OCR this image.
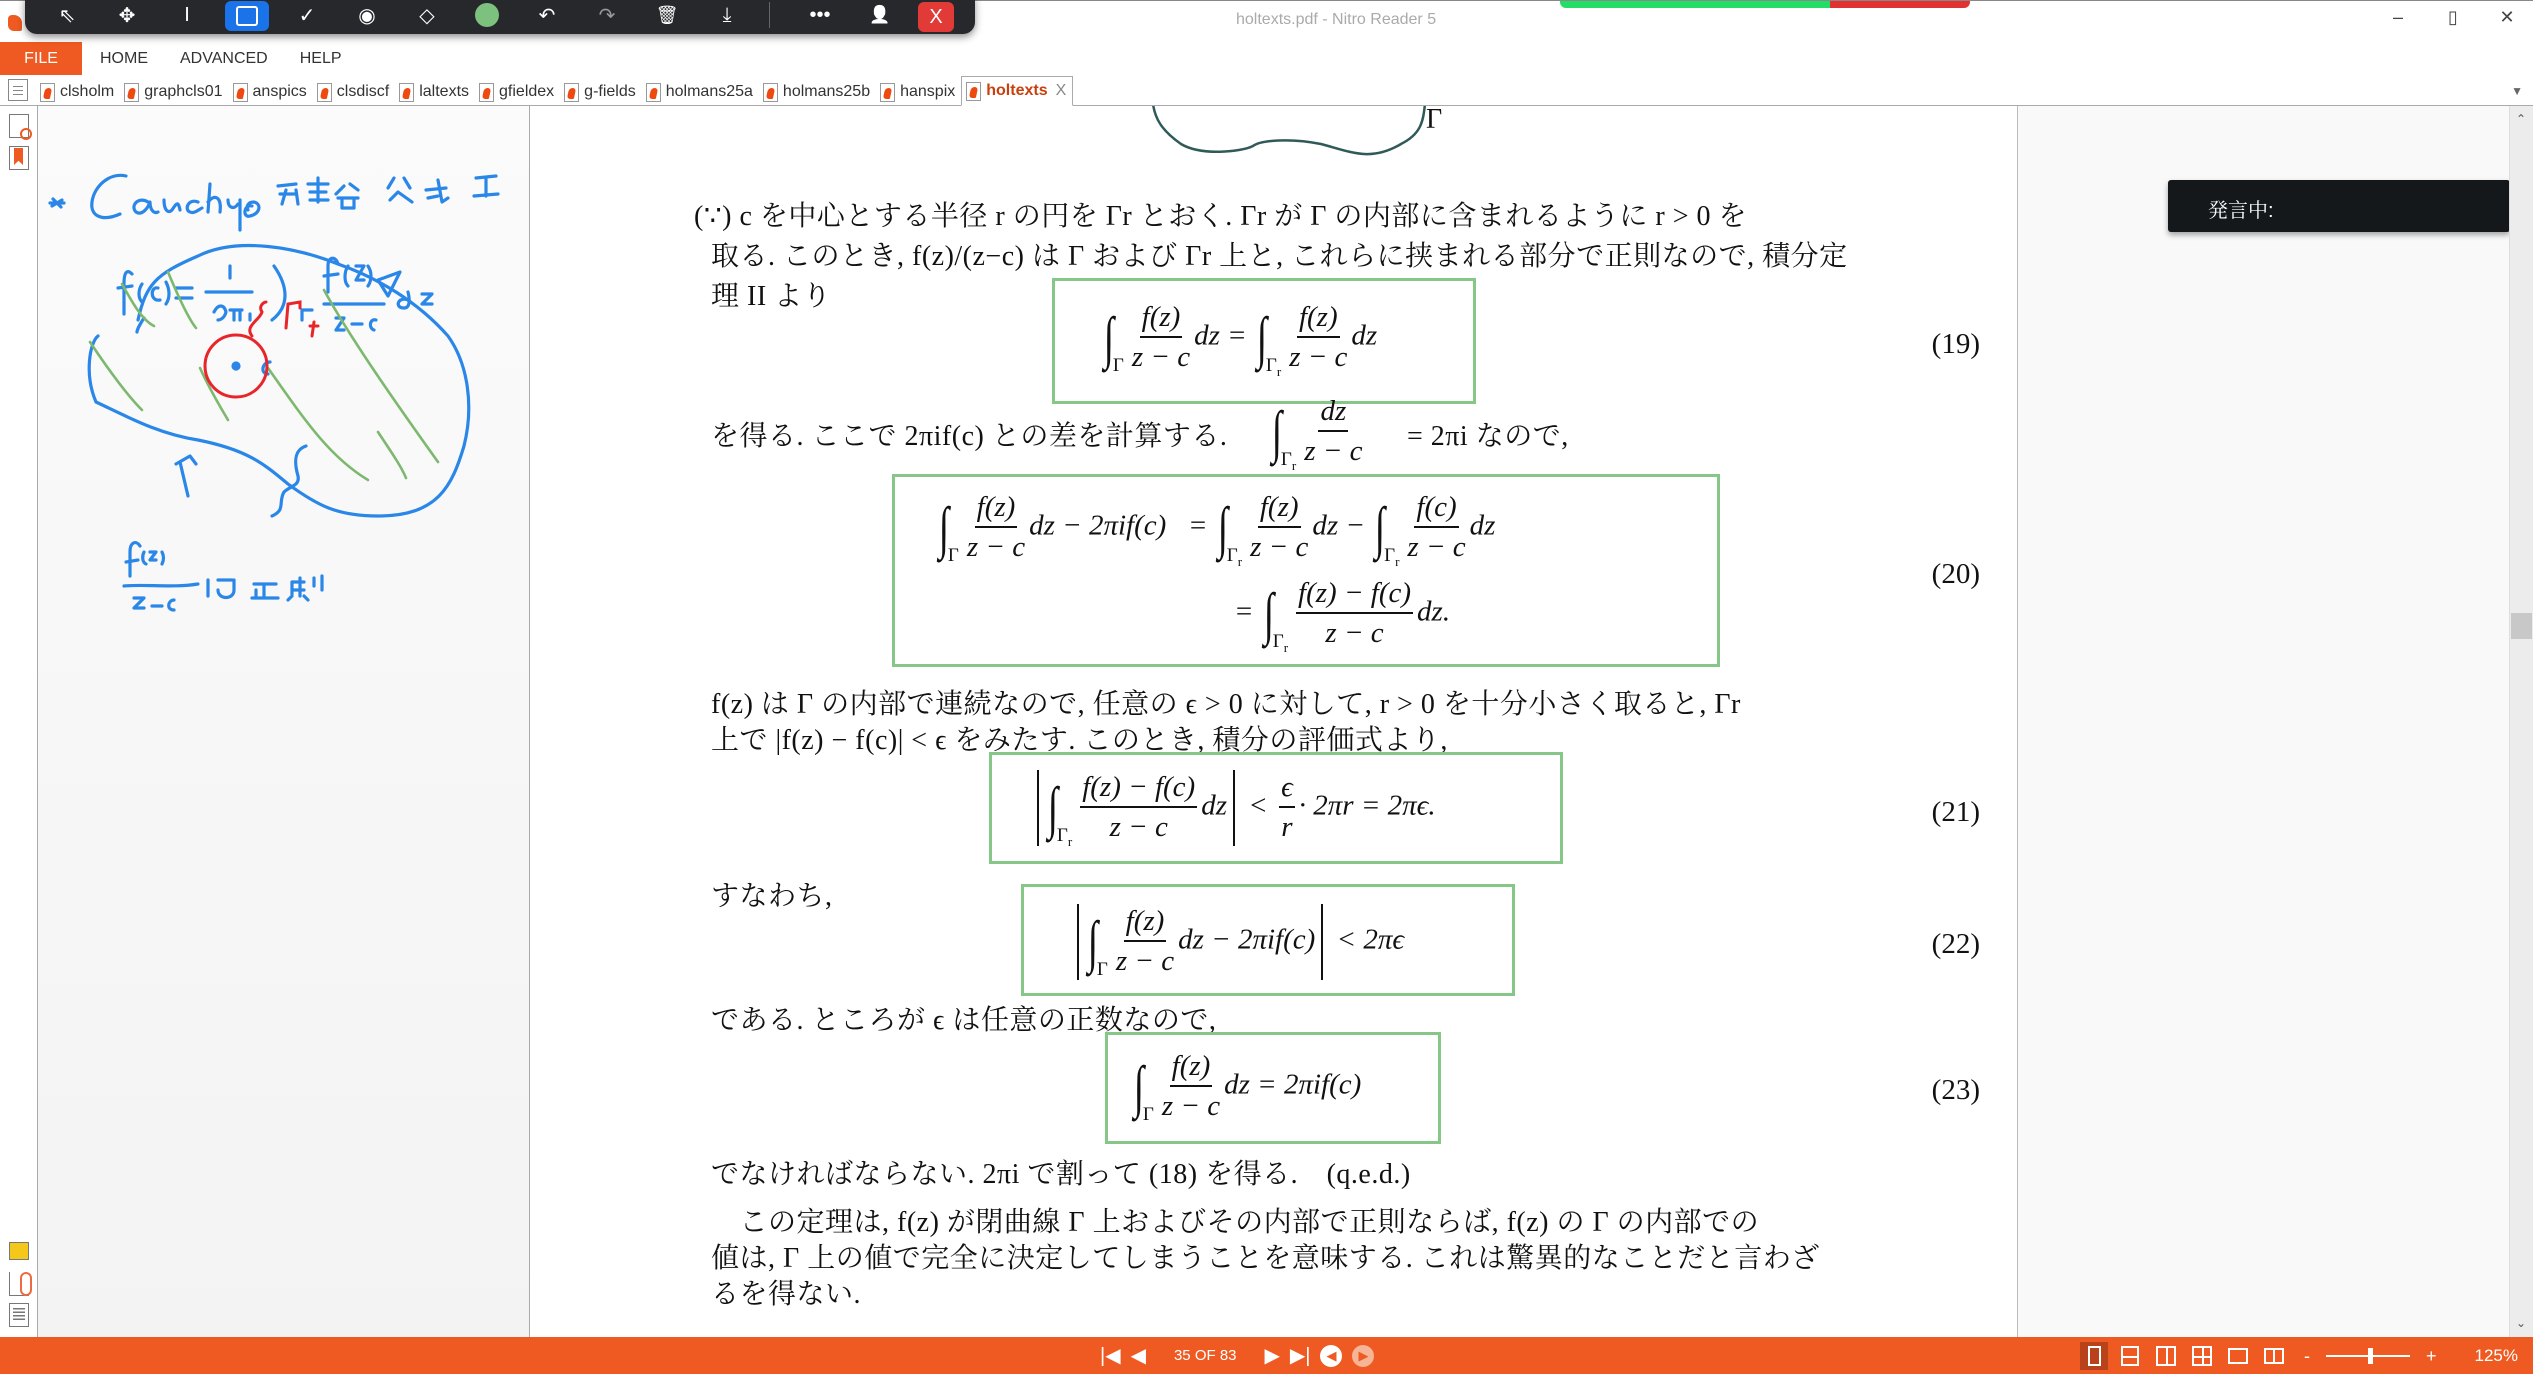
holtexts.pdf - Nitro Reader 5	–	▯	✕
⇖ ✥ I	✓ ◉ ◇	↶ ↷ 🗑 ⤓	••• 👤 X
FILE	HOME	ADVANCED	HELP
clsholm graphcls01 anspics clsdiscf laltexts gfieldex g-fields holmans25a holmans25b hanspix holtexts X	▼
Γ
(∵) c を中心とする半径 r の円を Γr とおく. Γr が Γ の内部に含まれるように r > 0 を
取る. このとき, f(z)/(z−c) は Γ および Γr 上と, これらに挟まれる部分で正則なので, 積分定
理 II より
$\int_\Gamma \frac{f(z)}{z - c}$ dz = $\int_{\Gamma_r} \frac{f(z)}{z - c}$ dz	(19)
を得る. ここで 2πif(c) との差を計算する. $\int_{\Gamma_r} \frac{dz}{z - c} = 2\pi i$ なので,
$\int_\Gamma \frac{f(z)}{z - c}$ dz − $2\pi if(c) = \int_{\Gamma_r} \frac{f(z)}{z - c}$ dz − $\int_{\Gamma_r} \frac{f(c)}{z - c}$ dz
= $\int_{\Gamma_r} \frac{f(z) - f(c)}{z - c}$ dz.
(20)
f(z) は Γ の内部で連続なので, 任意の ϵ > 0 に対して, r > 0 を十分小さく取ると, Γr
上で |f(z) − f(c)| < ϵ をみたす. このとき, 積分の評価式より,
$\int_{\Gamma_r} \frac{f(z) - f(c)}{z - c}$ dz < $\frac{\epsilon}{r} \cdot 2\pi r = 2\pi\epsilon$.	(21)
すなわち,
$\int_\Gamma \frac{f(z)}{z - c}$ dz − 2πif(c) < 2πϵ	(22)
である. ところが ϵ は任意の正数なので,
$\int_\Gamma \frac{f(z)}{z - c}$ dz = 2πif(c)	(23)
でなければならない. 2πi で割って (18) を得る.　(q.e.d.)
　この定理は, f(z) が閉曲線 Γ 上およびその内部で正則ならば, f(z) の Γ の内部での
値は, Γ 上の値で完全に決定してしまうことを意味する. これは驚異的なことだと言わざ
るを得ない.
発言中:
⌃
⌄
|◀ ◀ 35 OF 83 ▶ ▶|	◀	▶	-	+ 125%
